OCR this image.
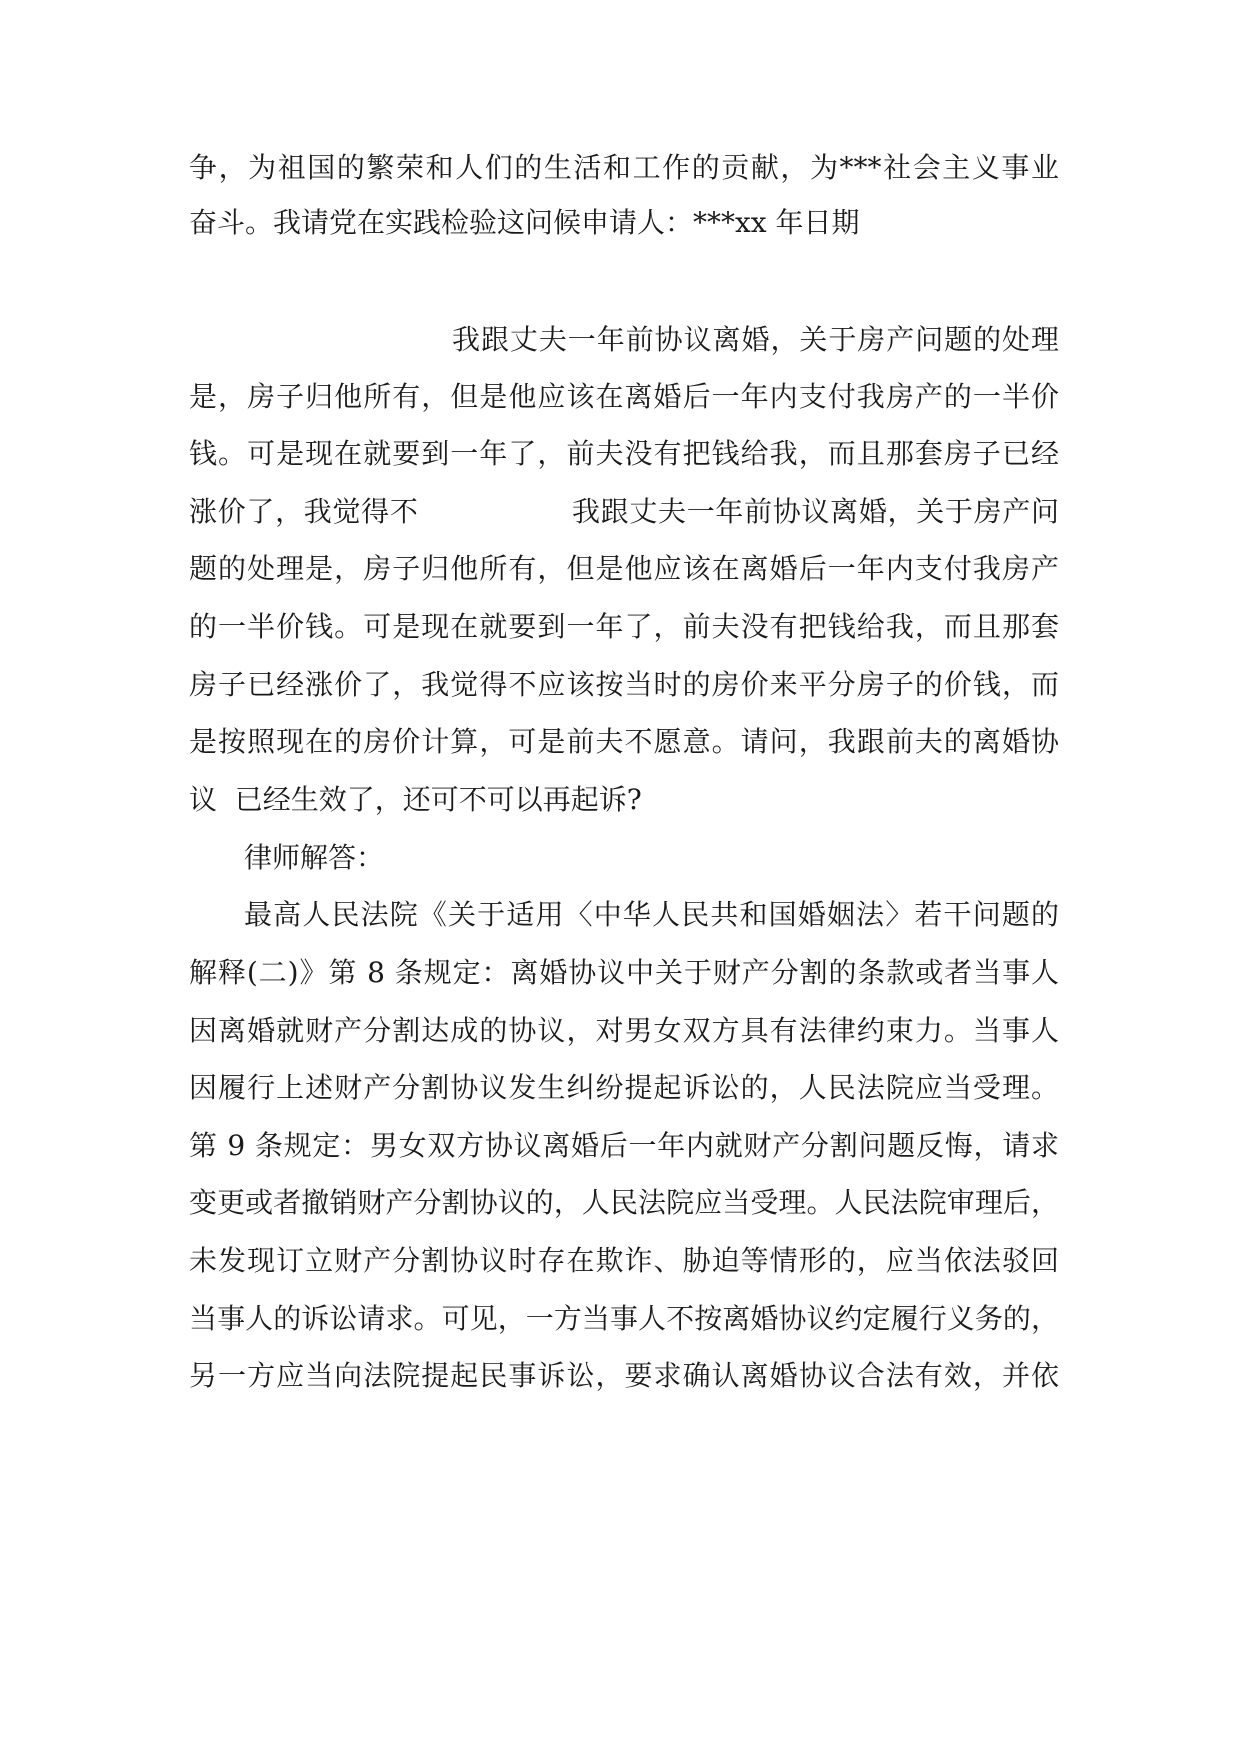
争，为祖国的繁荣和人们的生活和工作的贡献，为***社会主义事业
奋斗。我请党在实践检验这问候申请人：***xx 年日期
我跟丈夫一年前协议离婚，关于房产问题的处理
是，房子归他所有，但是他应该在离婚后一年内支付我房产的一半价
钱。可是现在就要到一年了，前夫没有把钱给我，而且那套房子已经
涨价了，我觉得不                我跟丈夫一年前协议离婚，关于房产问
题的处理是，房子归他所有，但是他应该在离婚后一年内支付我房产
的一半价钱。可是现在就要到一年了，前夫没有把钱给我，而且那套
房子已经涨价了，我觉得不应该按当时的房价来平分房子的价钱，而
是按照现在的房价计算，可是前夫不愿意。请问，我跟前夫的离婚协
议  已经生效了，还可不可以再起诉?
律师解答：
最高人民法院《关于适用〈中华人民共和国婚姻法〉若干问题的
解释(二)》第 8 条规定：离婚协议中关于财产分割的条款或者当事人
因离婚就财产分割达成的协议，对男女双方具有法律约束力。当事人
因履行上述财产分割协议发生纠纷提起诉讼的，人民法院应当受理。
第 9 条规定：男女双方协议离婚后一年内就财产分割问题反悔，请求
变更或者撤销财产分割协议的，人民法院应当受理。人民法院审理后，
未发现订立财产分割协议时存在欺诈、胁迫等情形的，应当依法驳回
当事人的诉讼请求。可见，一方当事人不按离婚协议约定履行义务的，
另一方应当向法院提起民事诉讼，要求确认离婚协议合法有效，并依
